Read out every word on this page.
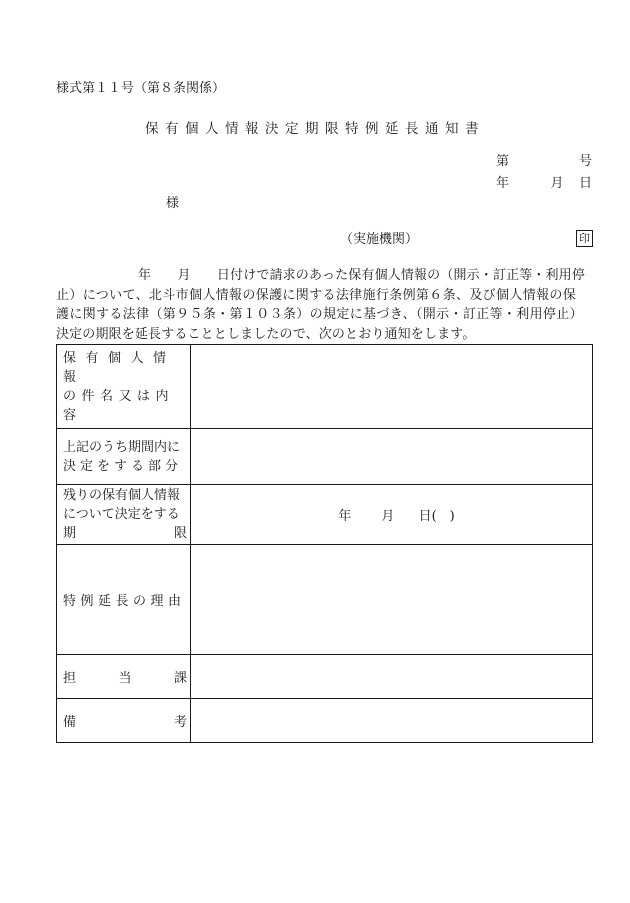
様式第１１号（第８条関係）
保有個人情報決定期限特例延長通知書
第	号
年	月 日
様
（実施機関）	印
年　　月　　日付けで請求のあった保有個人情報の（開示・訂正等・利用停
止）について、北斗市個人情報の保護に関する法律施行条例第６条、及び個人情報の保
護に関する法律（第９５条・第１０３条）の規定に基づき、（開示・訂正等・利用停止）
決定の期限を延長することとしましたので、次のとおり通知をします。
保有個人情報
の件名又は内容	

上記のうち期間内に
決定をする部分	

残りの保有個人情報
について決定をする
期 限	年 月 日(　)
特例延長の理由	

担 当 課	

備 考	
